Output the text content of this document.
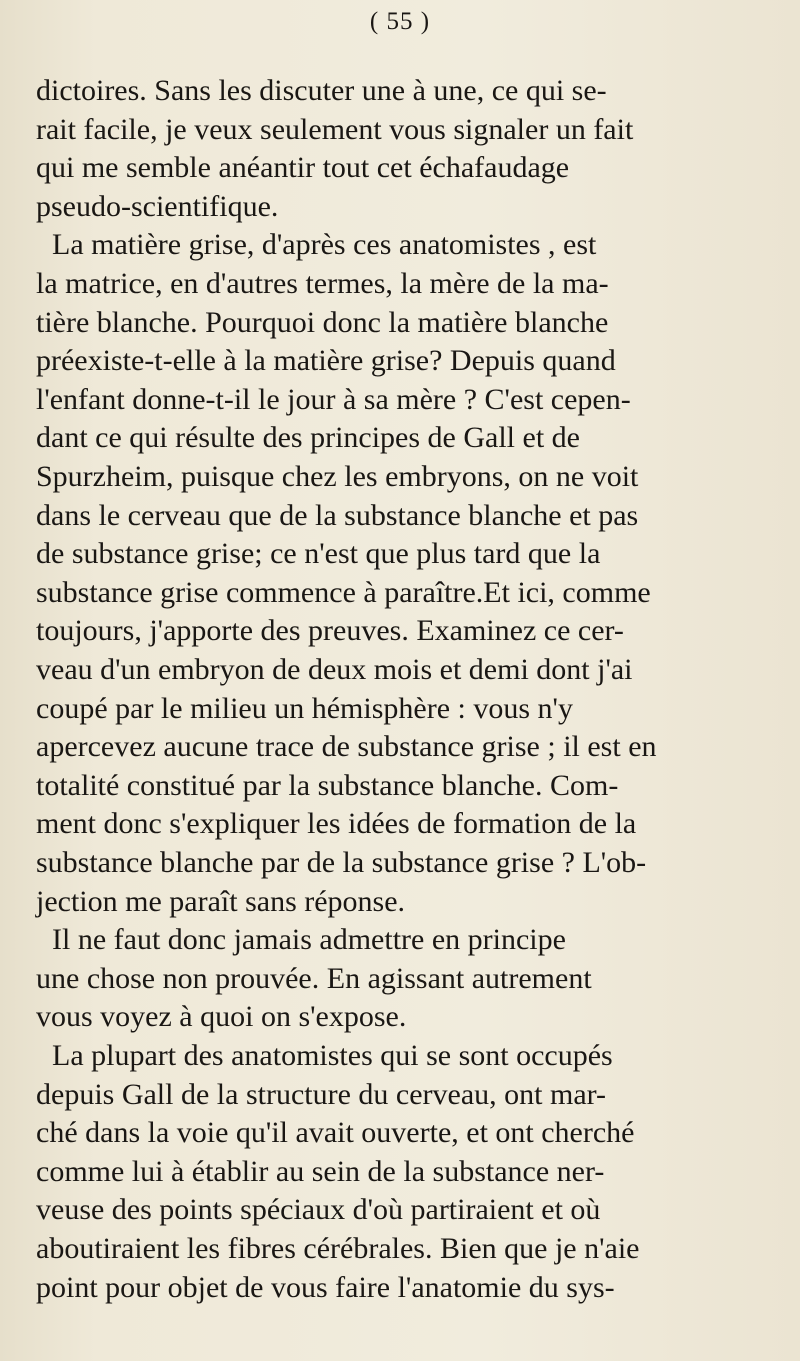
( 55 )
dictoires. Sans les discuter une à une, ce qui se-
rait facile, je veux seulement vous signaler un fait
qui me semble anéantir tout cet échafaudage
pseudo-scientifique.
La matière grise, d'après ces anatomistes , est
la matrice, en d'autres termes, la mère de la ma-
tière blanche. Pourquoi donc la matière blanche
préexiste-t-elle à la matière grise? Depuis quand
l'enfant donne-t-il le jour à sa mère ? C'est cepen-
dant ce qui résulte des principes de Gall et de
Spurzheim, puisque chez les embryons, on ne voit
dans le cerveau que de la substance blanche et pas
de substance grise; ce n'est que plus tard que la
substance grise commence à paraître.Et ici, comme
toujours, j'apporte des preuves. Examinez ce cer-
veau d'un embryon de deux mois et demi dont j'ai
coupé par le milieu un hémisphère : vous n'y
apercevez aucune trace de substance grise ; il est en
totalité constitué par la substance blanche. Com-
ment donc s'expliquer les idées de formation de la
substance blanche par de la substance grise ? L'ob-
jection me paraît sans réponse.
Il ne faut donc jamais admettre en principe
une chose non prouvée. En agissant autrement
vous voyez à quoi on s'expose.
La plupart des anatomistes qui se sont occupés
depuis Gall de la structure du cerveau, ont mar-
ché dans la voie qu'il avait ouverte, et ont cherché
comme lui à établir au sein de la substance ner-
veuse des points spéciaux d'où partiraient et où
aboutiraient les fibres cérébrales. Bien que je n'aie
point pour objet de vous faire l'anatomie du sys-
